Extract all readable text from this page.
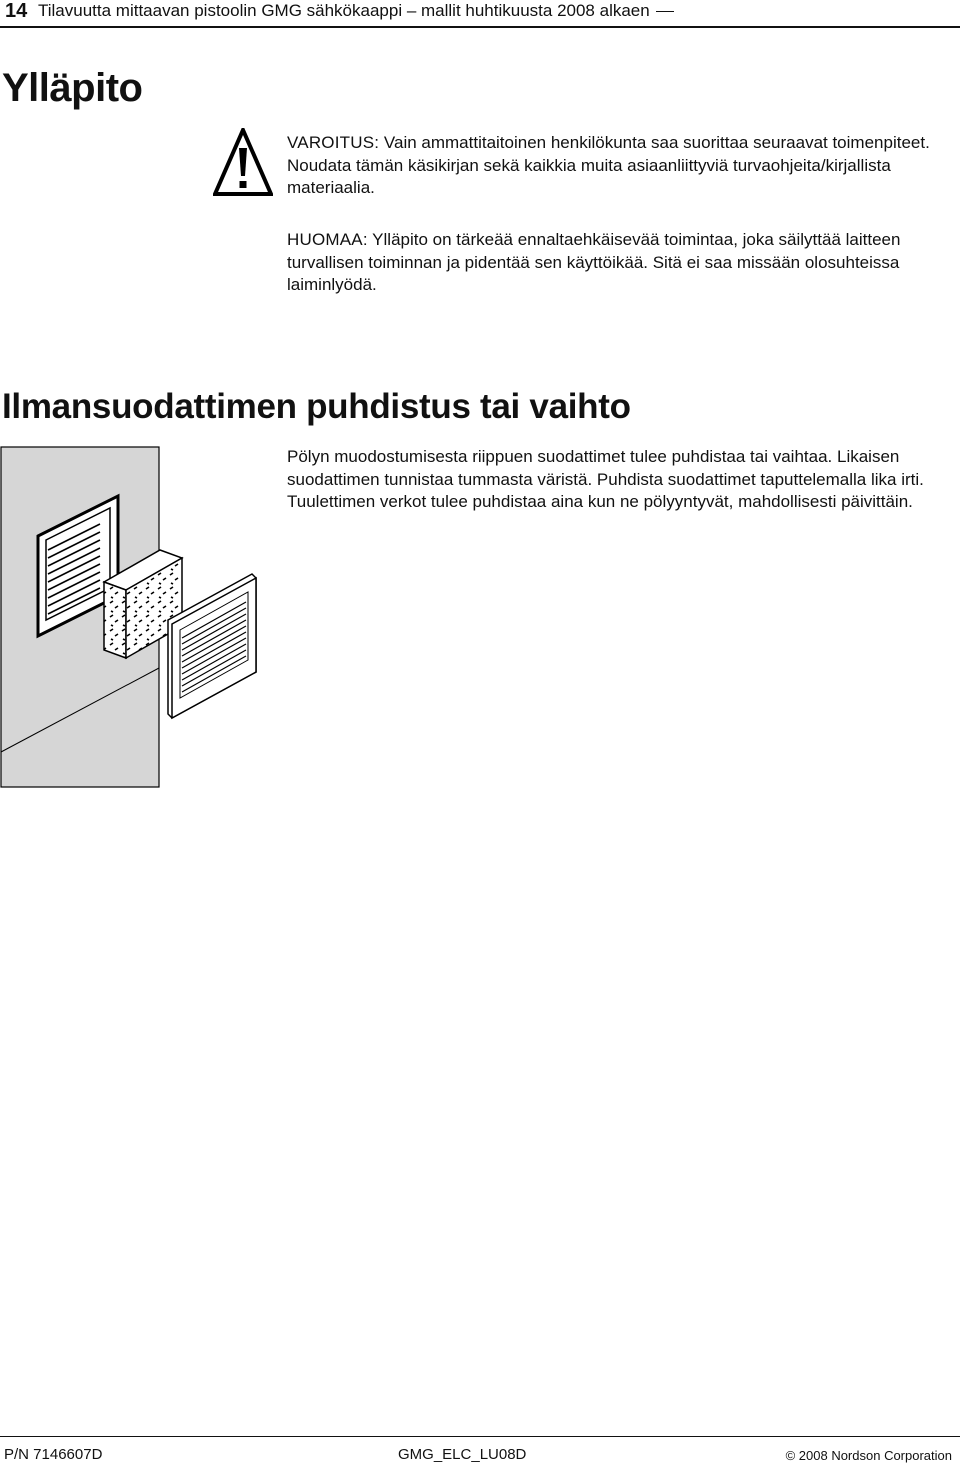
14 Tilavuutta mittaavan pistoolin GMG sähkökaappi – mallit huhtikuusta 2008 alkaen
Ylläpito

VAROITUS: Vain ammattitaitoinen henkilökunta saa suorittaa seuraavat toimenpiteet. Noudata tämän käsikirjan sekä kaikkia muita asiaanliittyviä turvaohjeita/kirjallista materiaalia.

HUOMAA: Ylläpito on tärkeää ennaltaehkäisevää toimintaa, joka säilyttää laitteen turvallisen toiminnan ja pidentää sen käyttöikää. Sitä ei saa missään olosuhteissa laiminlyödä.

Ilmansuodattimen puhdistus tai vaihto

Pölyn muodostumisesta riippuen suodattimet tulee puhdistaa tai vaihtaa. Likaisen suodattimen tunnistaa tummasta väristä. Puhdista suodattimet taputtelemalla lika irti. Tuulettimen verkot tulee puhdistaa aina kun ne pölyyntyvät, mahdollisesti päivittäin.

P/N 7146607D	GMG_ELC_LU08D	© 2008 Nordson Corporation
